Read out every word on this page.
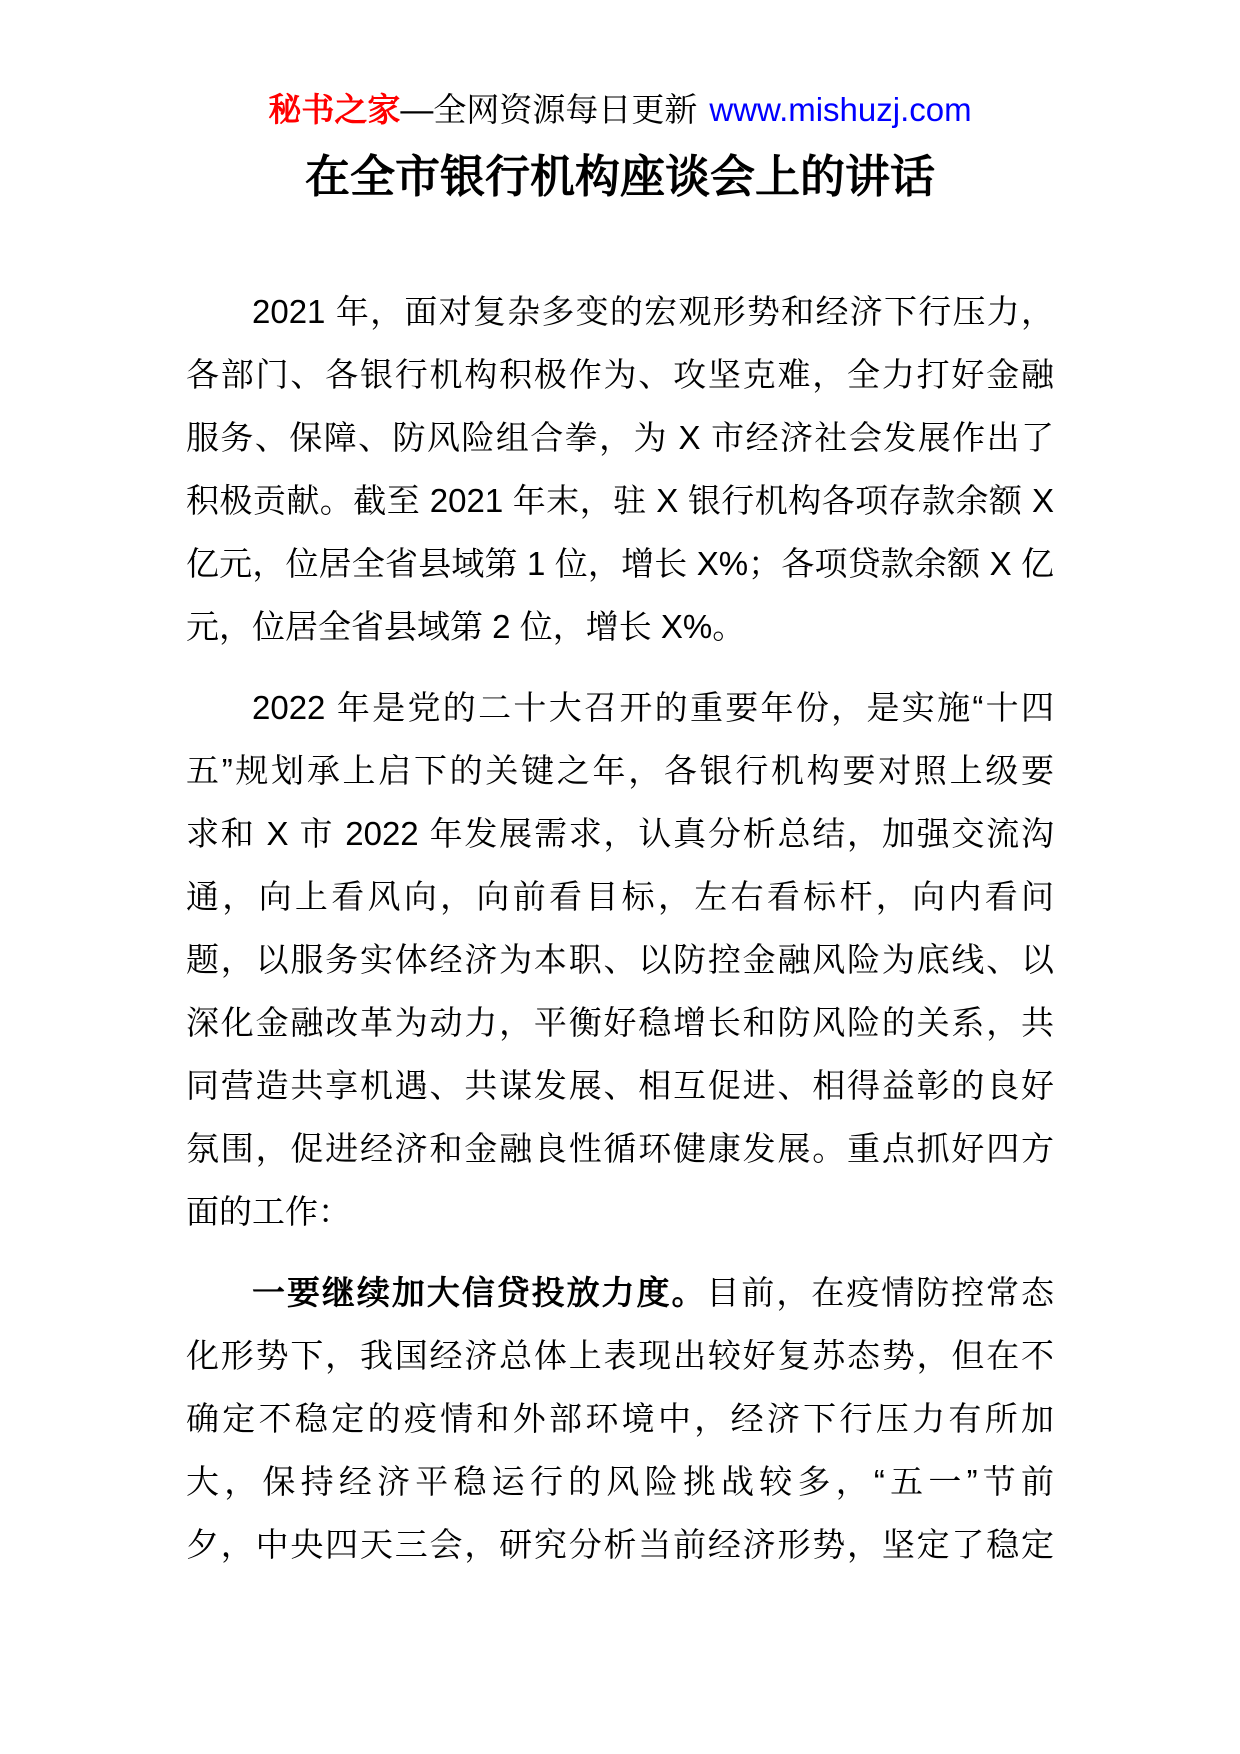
秘书之家—全网资源每日更新 www.mishuzj.com
在全市银行机构座谈会上的讲话
2021 年，面对复杂多变的宏观形势和经济下行压力，
各部门、各银行机构积极作为、攻坚克难，全力打好金融
服务、保障、防风险组合拳，为 X 市经济社会发展作出了
积极贡献。截至 2021 年末，驻 X 银行机构各项存款余额 X
亿元，位居全省县域第 1 位，增长 X%；各项贷款余额 X 亿
元，位居全省县域第 2 位，增长 X%。
2022 年是党的二十大召开的重要年份，是实施“十四
五”规划承上启下的关键之年，各银行机构要对照上级要
求和 X 市 2022 年发展需求，认真分析总结，加强交流沟
通，向上看风向，向前看目标，左右看标杆，向内看问
题，以服务实体经济为本职、以防控金融风险为底线、以
深化金融改革为动力，平衡好稳增长和防风险的关系，共
同营造共享机遇、共谋发展、相互促进、相得益彰的良好
氛围，促进经济和金融良性循环健康发展。重点抓好四方
面的工作：
一要继续加大信贷投放力度。目前，在疫情防控常态
化形势下，我国经济总体上表现出较好复苏态势，但在不
确定不稳定的疫情和外部环境中，经济下行压力有所加
大，保持经济平稳运行的风险挑战较多，“五一”节前
夕，中央四天三会，研究分析当前经济形势，坚定了稳定
